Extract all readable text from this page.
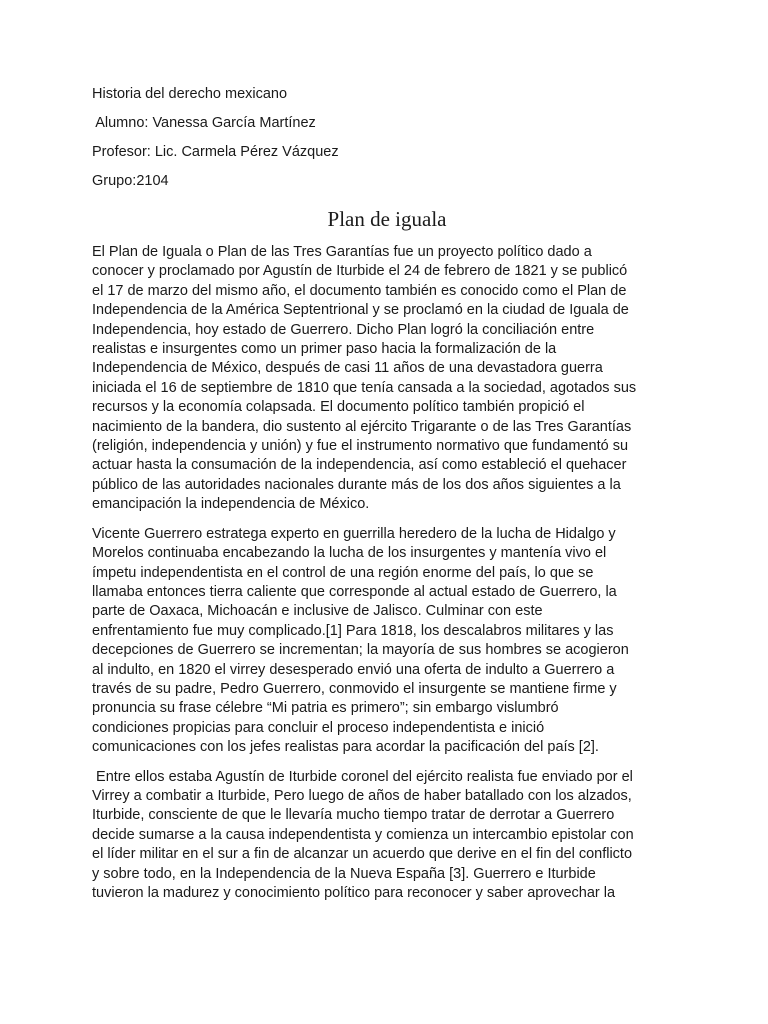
Historia del derecho mexicano
Alumno: Vanessa García Martínez
Profesor: Lic. Carmela Pérez Vázquez
Grupo:2104
Plan de iguala

El Plan de Iguala o Plan de las Tres Garantías fue un proyecto político dado a
conocer y proclamado por Agustín de Iturbide el 24 de febrero de 1821 y se publicó
el 17 de marzo del mismo año, el documento también es conocido como el Plan de
Independencia de la América Septentrional y se proclamó en la ciudad de Iguala de
Independencia, hoy estado de Guerrero. Dicho Plan logró la conciliación entre
realistas e insurgentes como un primer paso hacia la formalización de la
Independencia de México, después de casi 11 años de una devastadora guerra
iniciada el 16 de septiembre de 1810 que tenía cansada a la sociedad, agotados sus
recursos y la economía colapsada. El documento político también propició el
nacimiento de la bandera, dio sustento al ejército Trigarante o de las Tres Garantías
(religión, independencia y unión) y fue el instrumento normativo que fundamentó su
actuar hasta la consumación de la independencia, así como estableció el quehacer
público de las autoridades nacionales durante más de los dos años siguientes a la
emancipación la independencia de México.

Vicente Guerrero estratega experto en guerrilla heredero de la lucha de Hidalgo y
Morelos continuaba encabezando la lucha de los insurgentes y mantenía vivo el
ímpetu independentista en el control de una región enorme del país, lo que se
llamaba entonces tierra caliente que corresponde al actual estado de Guerrero, la
parte de Oaxaca, Michoacán e inclusive de Jalisco. Culminar con este
enfrentamiento fue muy complicado.[1] Para 1818, los descalabros militares y las
decepciones de Guerrero se incrementan; la mayoría de sus hombres se acogieron
al indulto, en 1820 el virrey desesperado envió una oferta de indulto a Guerrero a
través de su padre, Pedro Guerrero, conmovido el insurgente se mantiene firme y
pronuncia su frase célebre “Mi patria es primero”; sin embargo vislumbró
condiciones propicias para concluir el proceso independentista e inició
comunicaciones con los jefes realistas para acordar la pacificación del país [2].

Entre ellos estaba Agustín de Iturbide coronel del ejército realista fue enviado por el
Virrey a combatir a Iturbide, Pero luego de años de haber batallado con los alzados,
Iturbide, consciente de que le llevaría mucho tiempo tratar de derrotar a Guerrero
decide sumarse a la causa independentista y comienza un intercambio epistolar con
el líder militar en el sur a fin de alcanzar un acuerdo que derive en el fin del conflicto
y sobre todo, en la Independencia de la Nueva España [3]. Guerrero e Iturbide
tuvieron la madurez y conocimiento político para reconocer y saber aprovechar la
